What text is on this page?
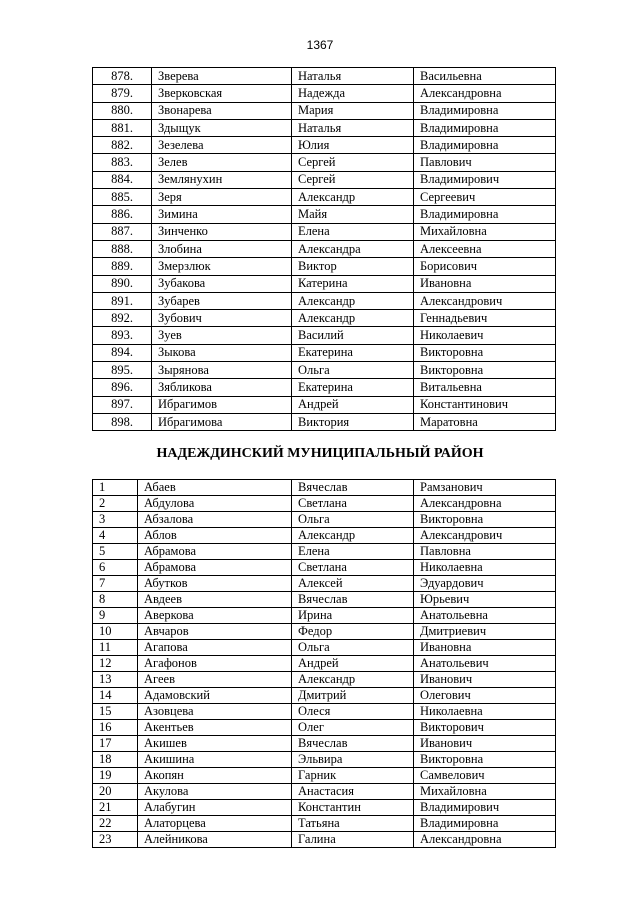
1367
878.	Зверева	Наталья	Васильевна
879.	Зверковская	Надежда	Александровна
880.	Звонарева	Мария	Владимировна
881.	Здыщук	Наталья	Владимировна
882.	Зезелева	Юлия	Владимировна
883.	Зелев	Сергей	Павлович
884.	Землянухин	Сергей	Владимирович
885.	Зеря	Александр	Сергеевич
886.	Зимина	Майя	Владимировна
887.	Зинченко	Елена	Михайловна
888.	Злобина	Александра	Алексеевна
889.	Змерзлюк	Виктор	Борисович
890.	Зубакова	Катерина	Ивановна
891.	Зубарев	Александр	Александрович
892.	Зубович	Александр	Геннадьевич
893.	Зуев	Василий	Николаевич
894.	Зыкова	Екатерина	Викторовна
895.	Зырянова	Ольга	Викторовна
896.	Зябликова	Екатерина	Витальевна
897.	Ибрагимов	Андрей	Константинович
898.	Ибрагимова	Виктория	Маратовна
НАДЕЖДИНСКИЙ МУНИЦИПАЛЬНЫЙ РАЙОН
1	Абаев	Вячеслав	Рамзанович
2	Абдулова	Светлана	Александровна
3	Абзалова	Ольга	Викторовна
4	Аблов	Александр	Александрович
5	Абрамова	Елена	Павловна
6	Абрамова	Светлана	Николаевна
7	Абутков	Алексей	Эдуардович
8	Авдеев	Вячеслав	Юрьевич
9	Аверкова	Ирина	Анатольевна
10	Авчаров	Федор	Дмитриевич
11	Агапова	Ольга	Ивановна
12	Агафонов	Андрей	Анатольевич
13	Агеев	Александр	Иванович
14	Адамовский	Дмитрий	Олегович
15	Азовцева	Олеся	Николаевна
16	Акентьев	Олег	Викторович
17	Акишев	Вячеслав	Иванович
18	Акишина	Эльвира	Викторовна
19	Акопян	Гарник	Самвелович
20	Акулова	Анастасия	Михайловна
21	Алабугин	Константин	Владимирович
22	Алаторцева	Татьяна	Владимировна
23	Алейникова	Галина	Александровна
